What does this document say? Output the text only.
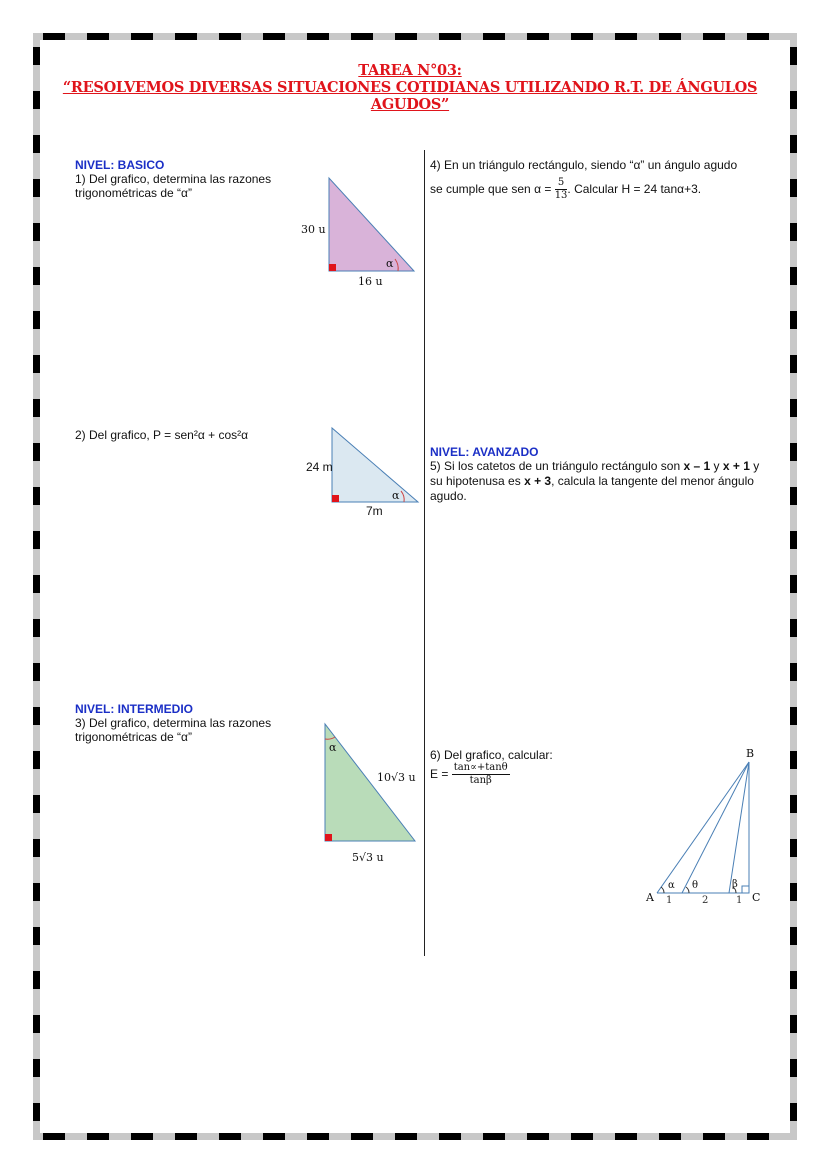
TAREA N°03:
“RESOLVEMOS DIVERSAS SITUACIONES COTIDIANAS UTILIZANDO R.T. DE ÁNGULOS
AGUDOS”
NIVEL: BASICO
1) Del grafico, determina las razones
trigonométricas de “α”
30 u
16 u
α
2) Del grafico, P = sen²α + cos²α
24 m
7m
α
NIVEL: INTERMEDIO
3) Del grafico, determina las razones
trigonométricas de “α”
α
10√3 u
5√3 u
4) En un triángulo rectángulo, siendo “α” un ángulo agudo
se cumple que sen $\alpha = \frac{5}{13}$ . Calcular H = 24 tanα+3.
NIVEL: AVANZADO
5) Si los catetos de un triángulo rectángulo son x – 1 y x + 1 y su hipotenusa es x + 3, calcula la tangente del menor ángulo agudo.
6) Del grafico, calcular:
$E = \frac{\tan\propto+\tan\theta}{\tan\beta}$
B
A	C
α θ	β
1	2	1
